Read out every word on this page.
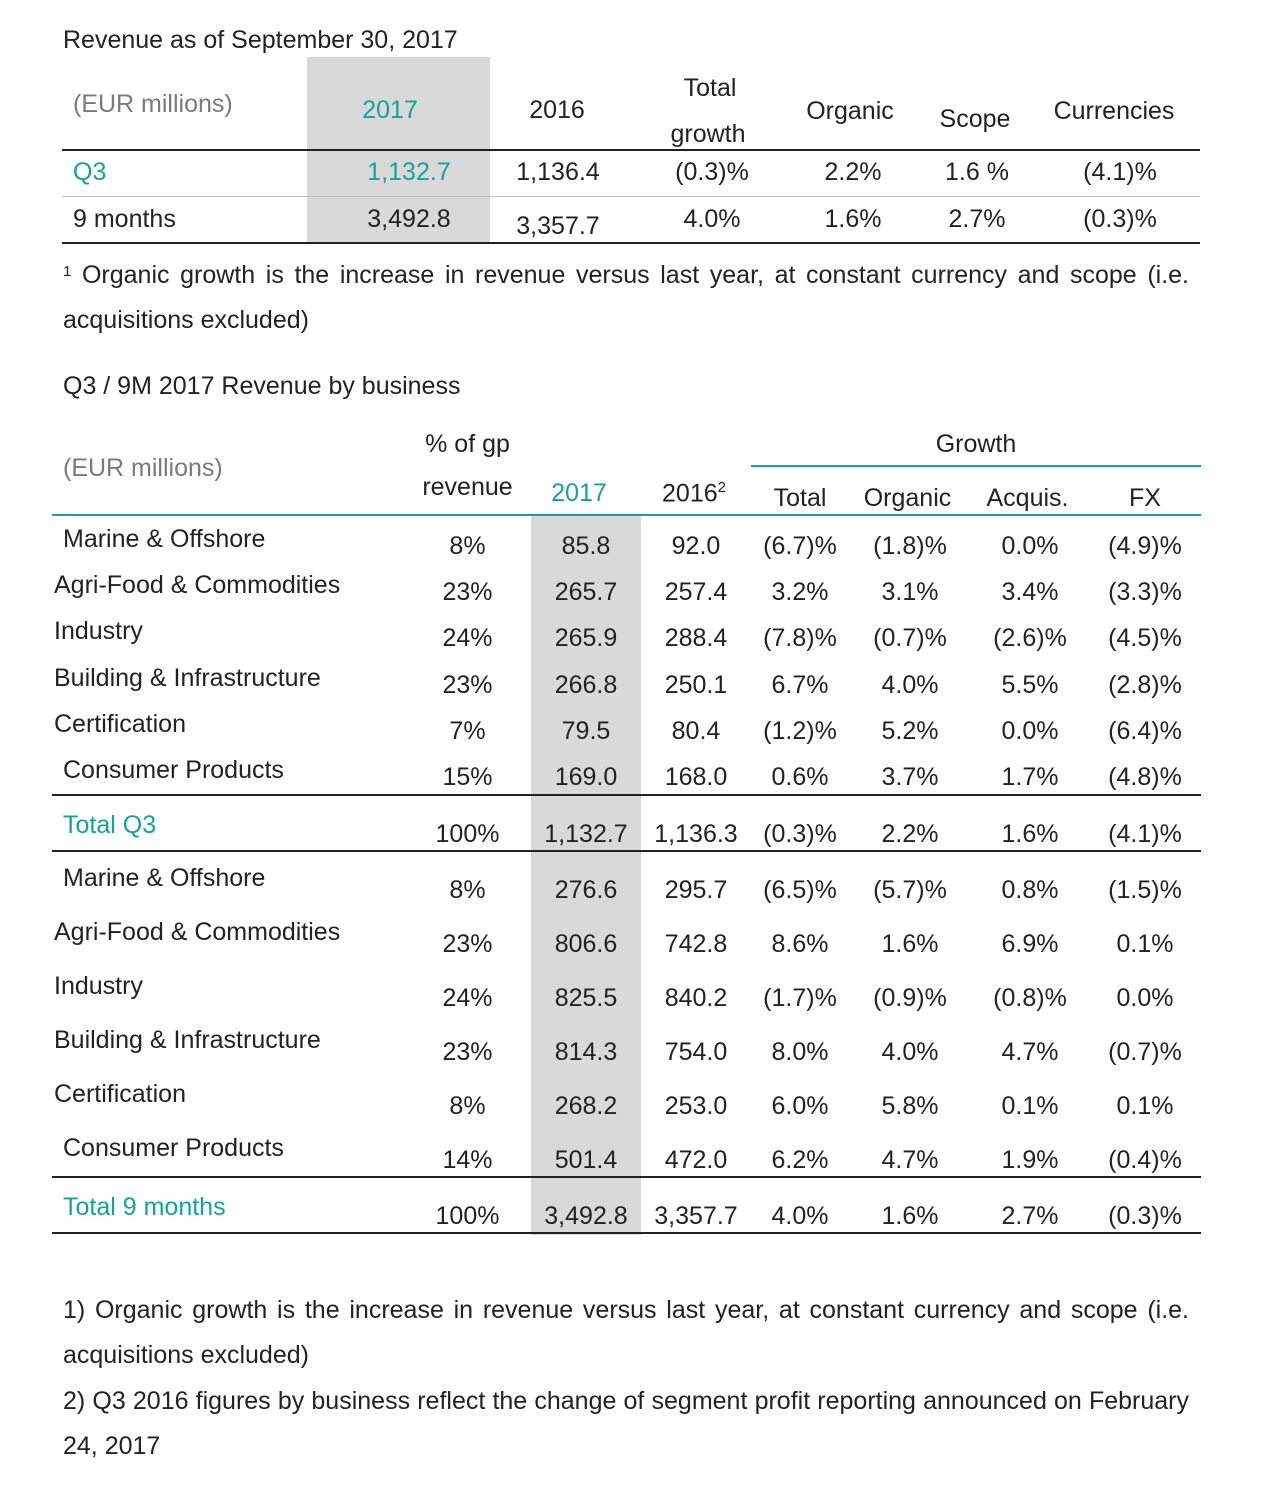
Revenue as of September 30, 2017
(EUR millions)	2017	2016
Total
growth
Organic	Scope	Currencies
Q3	1,132.7	1,136.4	(0.3)%	2.2%	1.6 %	(4.1)%
9 months	3,492.8	3,357.7	4.0%	1.6%	2.7%	(0.3)%
$^1$ Organic growth is the increase in revenue versus last year, at constant currency and scope (i.e. acquisitions excluded)
Q3 / 9M 2017 Revenue by business
(EUR millions)
% of gp
revenue	2017	2016$^2$
Growth
Total	Organic	Acquis.	FX
Marine & Offshore	8%	85.8	92.0	(6.7)%	(1.8)%	0.0%	(4.9)%
Agri-Food & Commodities	23%	265.7	257.4	3.2%	3.1%	3.4%	(3.3)%
Industry	24%	265.9	288.4	(7.8)%	(0.7)%	(2.6)%	(4.5)%
Building & Infrastructure	23%	266.8	250.1	6.7%	4.0%	5.5%	(2.8)%
Certification	7%	79.5	80.4	(1.2)%	5.2%	0.0%	(6.4)%
Consumer Products	15%	169.0	168.0	0.6%	3.7%	1.7%	(4.8)%
Total Q3	100%	1,132.7	1,136.3	(0.3)%	2.2%	1.6%	(4.1)%
Marine & Offshore	8%	276.6	295.7	(6.5)%	(5.7)%	0.8%	(1.5)%
Agri-Food & Commodities	23%	806.6	742.8	8.6%	1.6%	6.9%	0.1%
Industry	24%	825.5	840.2	(1.7)%	(0.9)%	(0.8)%	0.0%
Building & Infrastructure	23%	814.3	754.0	8.0%	4.0%	4.7%	(0.7)%
Certification	8%	268.2	253.0	6.0%	5.8%	0.1%	0.1%
Consumer Products	14%	501.4	472.0	6.2%	4.7%	1.9%	(0.4)%
Total 9 months	100%	3,492.8	3,357.7	4.0%	1.6%	2.7%	(0.3)%
1) Organic growth is the increase in revenue versus last year, at constant currency and scope (i.e. acquisitions excluded)
2) Q3 2016 figures by business reflect the change of segment profit reporting announced on February 24, 2017
